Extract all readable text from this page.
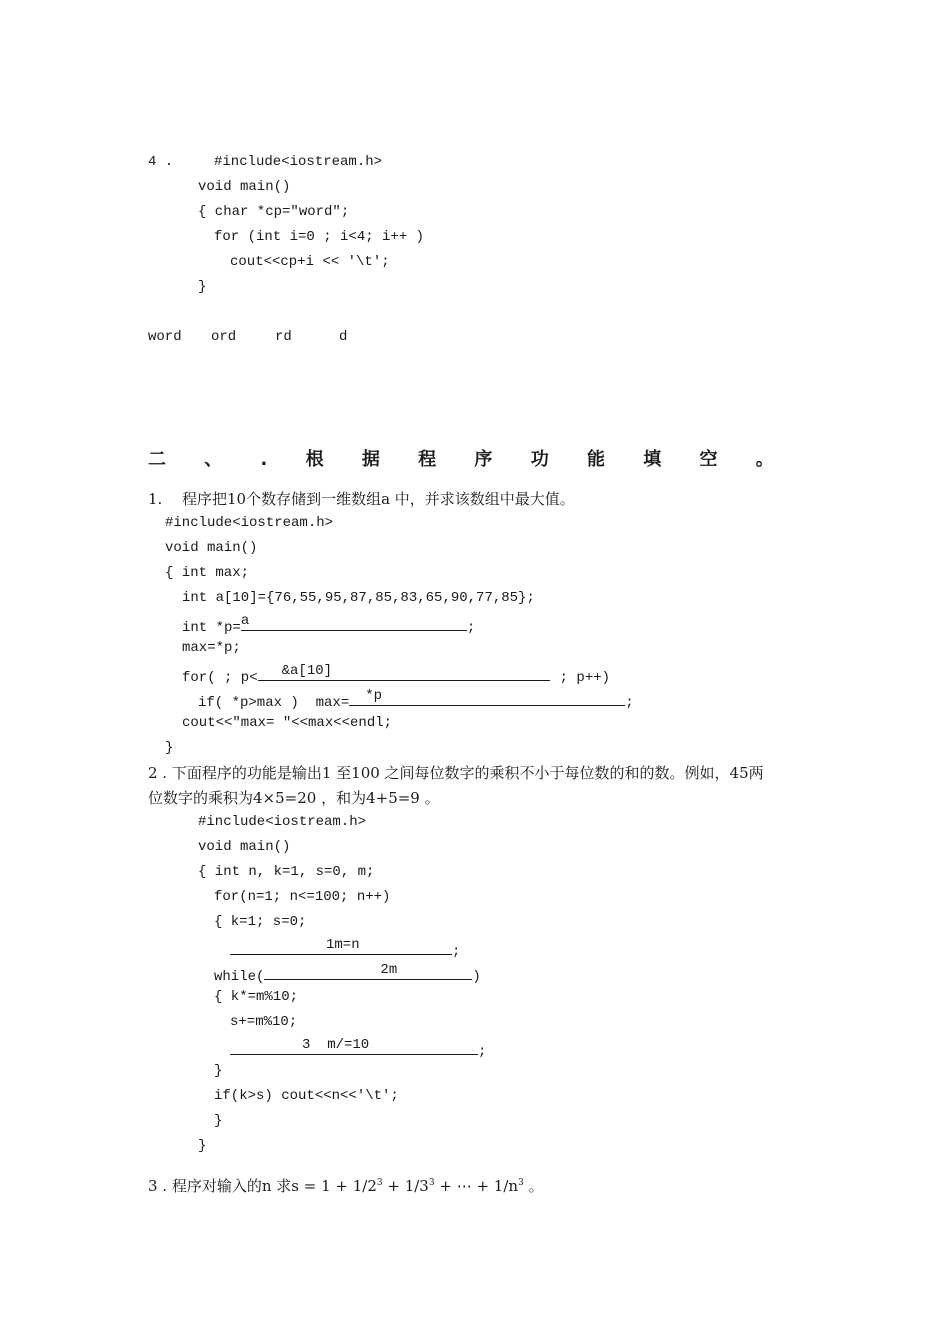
4 .	#include<iostream.h>
void main()
{ char *cp="word";
for (int i=0 ; i<4; i++ )
cout<<cp+i << '\t';
}
word ord	rd	d
二 、 . 根 据 程 序 功 能 填 空 。
1. 程序把10个数存储到一维数组a 中，并求该数组中最大值。
#include<iostream.h>
void main()
{ int max;
int a[10]={76,55,95,87,85,83,65,90,77,85};
int *p= a	;
max=*p;
for( ; p< &a[10]	; p++)
if( *p>max )  max= *p	;
cout<<"max= "<<max<<endl;
}
2 . 下面程序的功能是输出1 至100 之间每位数字的乘积不小于每位数的和的数。例如，45两
位数字的乘积为4×5=20 ，和为4+5=9 。
#include<iostream.h>
void main()
{ int n, k=1, s=0, m;
for(n=1; n<=100; n++)
{ k=1; s=0;
1m=n	;
while(	2m	)
{ k*=m%10;
s+=m%10;
3  m/=10	;
}
if(k>s) cout<<n<<'\t';
}
}
3 . 程序对输入的n 求$s = 1 + 1/2^3 + 1/3^3$ + ⋯ + $1/n^3$ 。
